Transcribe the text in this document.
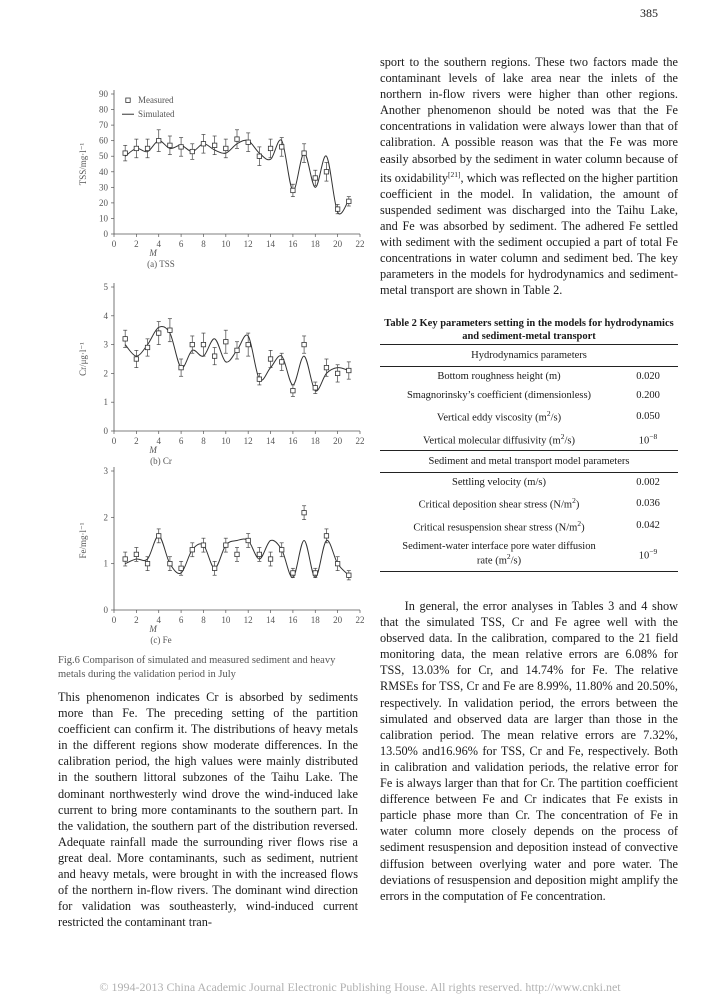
385
0
10
20
30
40
50
60
70
80
90
0 2 4 6 8 10 12 14 16 18 20 22
M
(a) TSS
TSS/mg·l⁻¹
Measured
Simulated
0
1
2
3
4
5
0 2 4 6 8 10 12 14 16 18 20 22
M
(b) Cr
Cr/μg·l⁻¹
0
1
2
3
0 2 4 6 8 10 12 14 16 18 20 22
M
(c) Fe
Fe/mg·l⁻¹
Fig.6 Comparison of simulated and measured sediment and heavy metals during the validation period in July

This phenomenon indicates Cr is absorbed by sediments more than Fe. The preceding setting of the partition coefficient can confirm it. The distributions of heavy metals in the different regions show moderate differences. In the calibration period, the high values were mainly distributed in the southern littoral subzones of the Taihu Lake. The dominant northwesterly wind drove the wind-induced lake current to bring more contaminants to the southern part. In the validation, the southern part of the distribution reversed. Adequate rainfall made the surrounding river flows rise a great deal. More contaminants, such as sediment, nutrient and heavy metals, were brought in with the increased flows of the northern in-flow rivers. The dominant wind direction for validation was southeasterly, wind-induced current restricted the contaminant tran-

sport to the southern regions. These two factors made the contaminant levels of lake area near the inlets of the northern in-flow rivers were higher than other regions. Another phenomenon should be noted was that the Fe concentrations in validation were always lower than that of calibration. A possible reason was that the Fe was more easily absorbed by the sediment in water column because of its oxidability[21], which was reflected on the higher partition coefficient in the model. In validation, the amount of suspended sediment was discharged into the Taihu Lake, and Fe was absorbed by sediment. The adhered Fe settled with sediment with the sediment occupied a part of total Fe concentrations in water column and sediment bed. The key parameters in the models for hydrodynamics and sediment-metal transport are shown in Table 2.

Table 2 Key parameters setting in the models for hydrodynamics and sediment-metal transport
Hydrodynamics parameters	
Bottom roughness height (m)	0.020
Smagnorinsky’s coefficient (dimensionless)	0.200
Vertical eddy viscosity $(m^2/s)$	0.050
Vertical molecular diffusivity $(m^2/s)$	$10^{-8}$
Sediment and metal transport model parameters	
Settling velocity (m/s)	0.002
Critical deposition shear stress $(N/m^2)$	0.036
Critical resuspension shear stress $(N/m^2)$	0.042
Sediment-water interface pore water diffusion
rate $(m^2/s)$	$10^{-9}$

In general, the error analyses in Tables 3 and 4 show that the simulated TSS, Cr and Fe agree well with the observed data. In the calibration, compared to the 21 field monitoring data, the mean relative errors are 6.08% for TSS, 13.03% for Cr, and 14.74% for Fe. The relative RMSEs for TSS, Cr and Fe are 8.99%, 11.80% and 20.50%, respectively. In validation period, the errors between the simulated and observed data are larger than those in the calibration period. The mean relative errors are 7.32%, 13.50% and16.96% for TSS, Cr and Fe, respectively. Both in calibration and validation periods, the relative error for Fe is always larger than that for Cr. The partition coefficient difference between Fe and Cr indicates that Fe exists in particle phase more than Cr. The concentration of Fe in water column more closely depends on the process of sediment resuspension and deposition instead of convective diffusion between overlying water and pore water. The deviations of resuspension and deposition might amplify the errors in the computation of Fe concentration.

© 1994-2013 China Academic Journal Electronic Publishing House. All rights reserved. http://www.cnki.net
